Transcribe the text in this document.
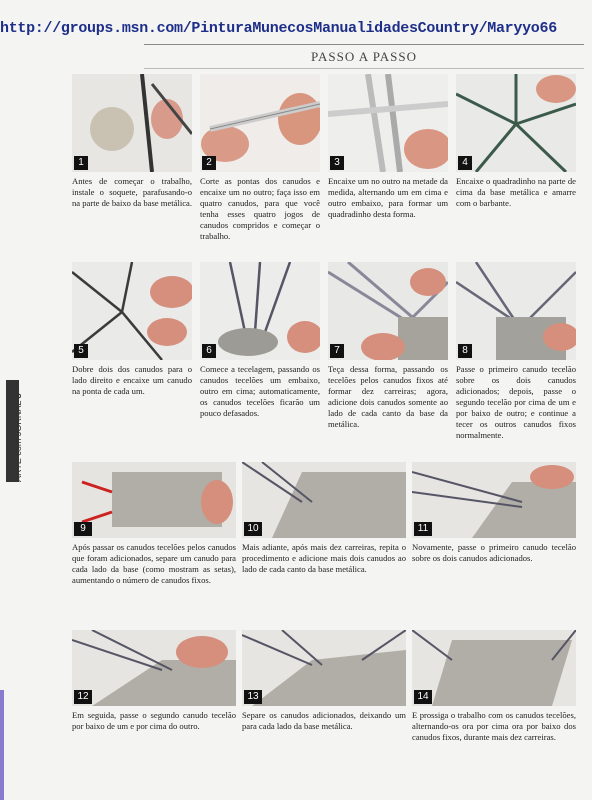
http://groups.msn.com/PinturaMunecosManualidadesCountry/Maryyo66
PASSO A PASSO
ARTE com JORNAL 8
1
Antes de começar o trabalho, instale o soquete, parafusando-o na parte de baixo da base metálica.
2
Corte as pontas dos canudos e encaixe um no outro; faça isso em quatro canudos, para que você tenha esses quatro jogos de canudos compridos e começar o trabalho.
3
Encaixe um no outro na metade da medida, alternando um em cima e outro embaixo, para formar um quadradinho desta forma.
4
Encaixe o quadradinho na parte de cima da base metálica e amarre com o barbante.
5
Dobre dois dos canudos para o lado direito e encaixe um canudo na ponta de cada um.
6
Comece a tecelagem, passando os canudos tecelões um embaixo, outro em cima; automaticamente, os canudos tecelões ficarão um pouco defasados.
7
Teça dessa forma, passando os tecelões pelos canudos fixos até formar dez carreiras; agora, adicione dois canudos somente ao lado de cada canto da base da metálica.
8
Passe o primeiro canudo tecelão sobre os dois canudos adicionados; depois, passe o segundo tecelão por cima de um e por baixo de outro; e continue a tecer os outros canudos fixos normalmente.
9
Após passar os canudos tecelões pelos canudos que foram adicionados, separe um canudo para cada lado da base (como mostram as setas), aumentando o número de canudos fixos.
10
Mais adiante, após mais dez carreiras, repita o procedimento e adicione mais dois canudos ao lado de cada canto da base metálica.
11
Novamente, passe o primeiro canudo tecelão sobre os dois canudos adicionados.
12
Em seguida, passe o segundo canudo tecelão por baixo de um e por cima do outro.
13
Separe os canudos adicionados, deixando um para cada lado da base metálica.
14
E prossiga o trabalho com os canudos tecelões, alternando-os ora por cima ora por baixo dos canudos fixos, durante mais dez carreiras.
